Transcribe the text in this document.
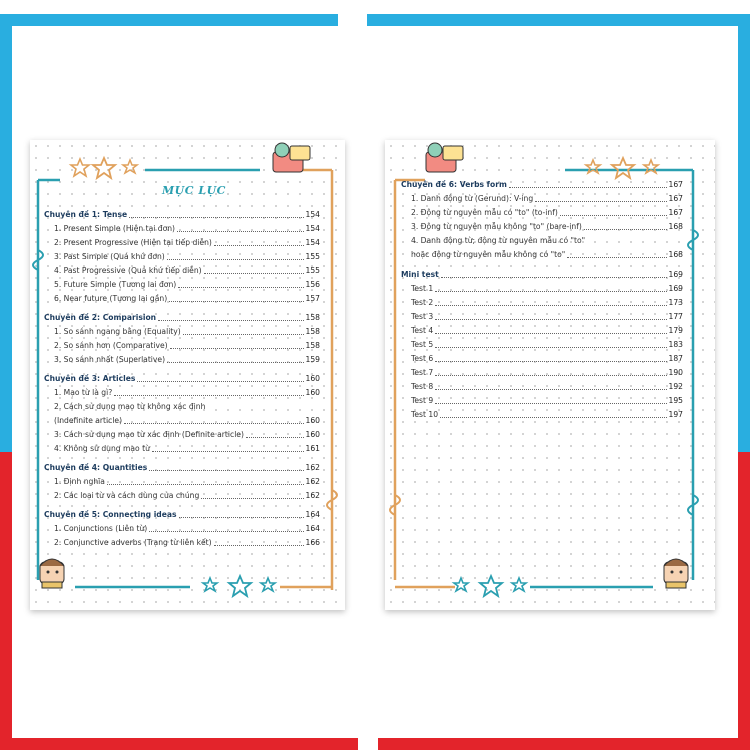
MỤC LỤC
Chuyên đề 1: Tense	154
1. Present Simple (Hiện tại đơn)	154
2. Present Progressive (Hiện tại tiếp diễn)	154
3. Past Simple (Quá khứ đơn)	155
4. Past Progressive (Quá khứ tiếp diễn)	155
5. Future Simple (Tương lai đơn)	156
6. Near future (Tương lai gần)	157
Chuyên đề 2: Comparision	158
1. So sánh ngang bằng (Equality)	158
2. So sánh hơn (Comparative)	158
3. So sánh nhất (Superlative)	159
Chuyên đề 3: Articles	160
1. Mạo từ là gì?	160
2. Cách sử dụng mạo từ không xác định
(Indefinite article)	160
3. Cách sử dụng mạo từ xác định (Definite article)	160
4. Không sử dụng mạo từ	161
Chuyên đề 4: Quantities	162
1. Định nghĩa	162
2. Các loại từ và cách dùng của chúng	162
Chuyên đề 5: Connecting ideas	164
1. Conjunctions (Liên từ)	164
2. Conjunctive adverbs (Trạng từ liên kết)	166
Chuyên đề 6: Verbs form	167
1. Danh động từ (Gerund): V-ing	167
2. Động từ nguyên mẫu có "to" (to-inf)	167
3. Động từ nguyên mẫu không "to" (bare-inf)	168
4. Danh động từ; động từ nguyên mẫu có "to"
hoặc động từ nguyên mẫu không có "to"	168
Mini test	169
Test 1	169
Test 2	173
Test 3	177
Test 4	179
Test 5	183
Test 6	187
Test 7	190
Test 8	192
Test 9	195
Test 10	197
